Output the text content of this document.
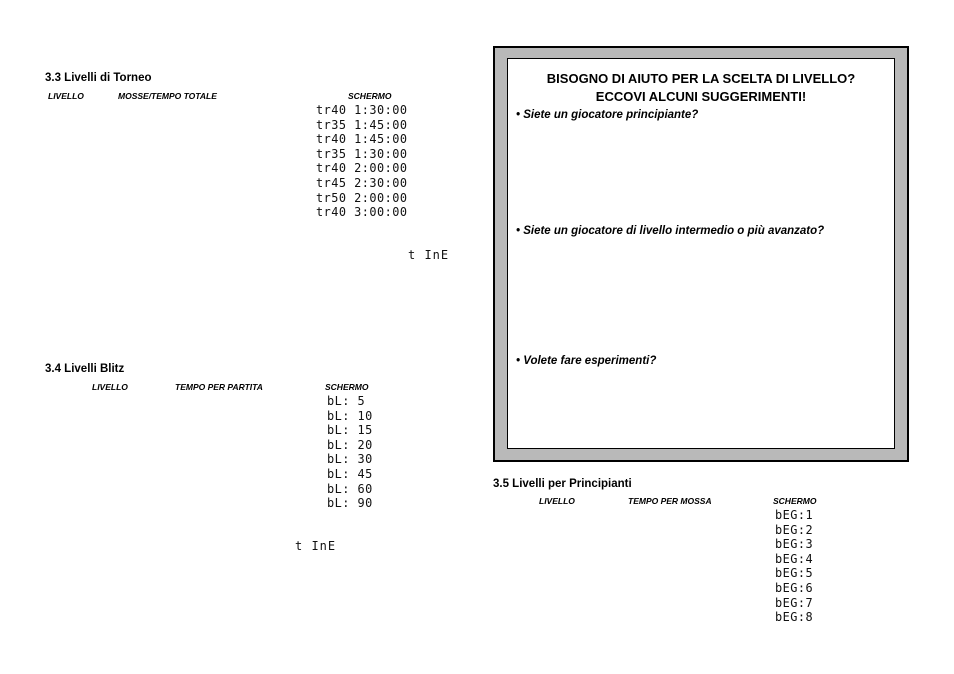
3.3 Livelli di Torneo
LIVELLO	MOSSE/TEMPO TOTALE	SCHERMO
tr40 1:30:00
tr35 1:45:00
tr40 1:45:00
tr35 1:30:00
tr40 2:00:00
tr45 2:30:00
tr50 2:00:00
tr40 3:00:00
t InE
3.4 Livelli Blitz
LIVELLO	TEMPO PER PARTITA	SCHERMO
bL: 5
bL: 10
bL: 15
bL: 20
bL: 30
bL: 45
bL: 60
bL: 90
t InE
BISOGNO DI AIUTO PER LA SCELTA DI LIVELLO?
ECCOVI ALCUNI SUGGERIMENTI!
• Siete un giocatore principiante?
• Siete un giocatore di livello intermedio o più avanzato?
• Volete fare esperimenti?
3.5 Livelli per Principianti
LIVELLO	TEMPO PER MOSSA	SCHERMO
bEG:1
bEG:2
bEG:3
bEG:4
bEG:5
bEG:6
bEG:7
bEG:8
